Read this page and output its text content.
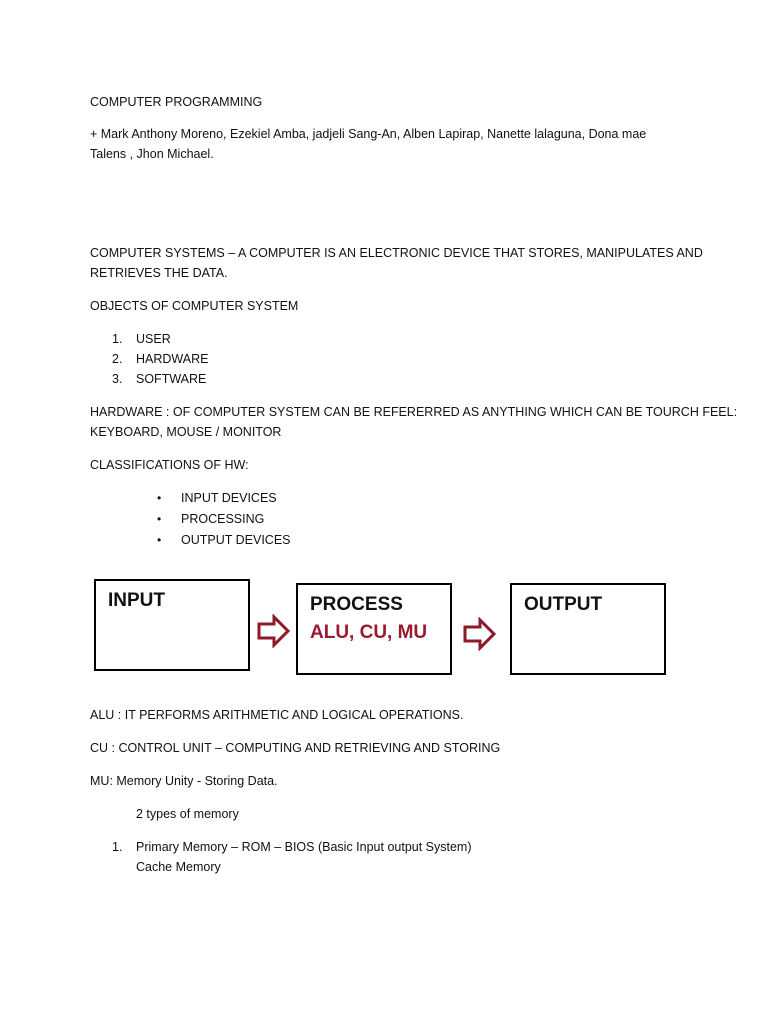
COMPUTER PROGRAMMING

+ Mark Anthony Moreno, Ezekiel Amba, jadjeli Sang-An, Alben Lapirap, Nanette lalaguna, Dona mae

Talens , Jhon Michael.

COMPUTER SYSTEMS – A COMPUTER IS AN ELECTRONIC DEVICE THAT STORES, MANIPULATES AND

RETRIEVES THE DATA.

OBJECTS OF COMPUTER SYSTEM

1. USER
2. HARDWARE
3. SOFTWARE

HARDWARE : OF COMPUTER SYSTEM CAN BE REFERERRED AS ANYTHING WHICH CAN BE TOURCH FEEL:

KEYBOARD, MOUSE / MONITOR

CLASSIFICATIONS OF HW:

• INPUT DEVICES
• PROCESSING
• OUTPUT DEVICES
INPUT	PROCESS
ALU, CU, MU
OUTPUT

ALU : IT PERFORMS ARITHMETIC AND LOGICAL OPERATIONS.

CU : CONTROL UNIT – COMPUTING AND RETRIEVING AND STORING

MU: Memory Unity - Storing Data.

2 types of memory

1. Primary Memory – ROM – BIOS (Basic Input output System)

Cache Memory
